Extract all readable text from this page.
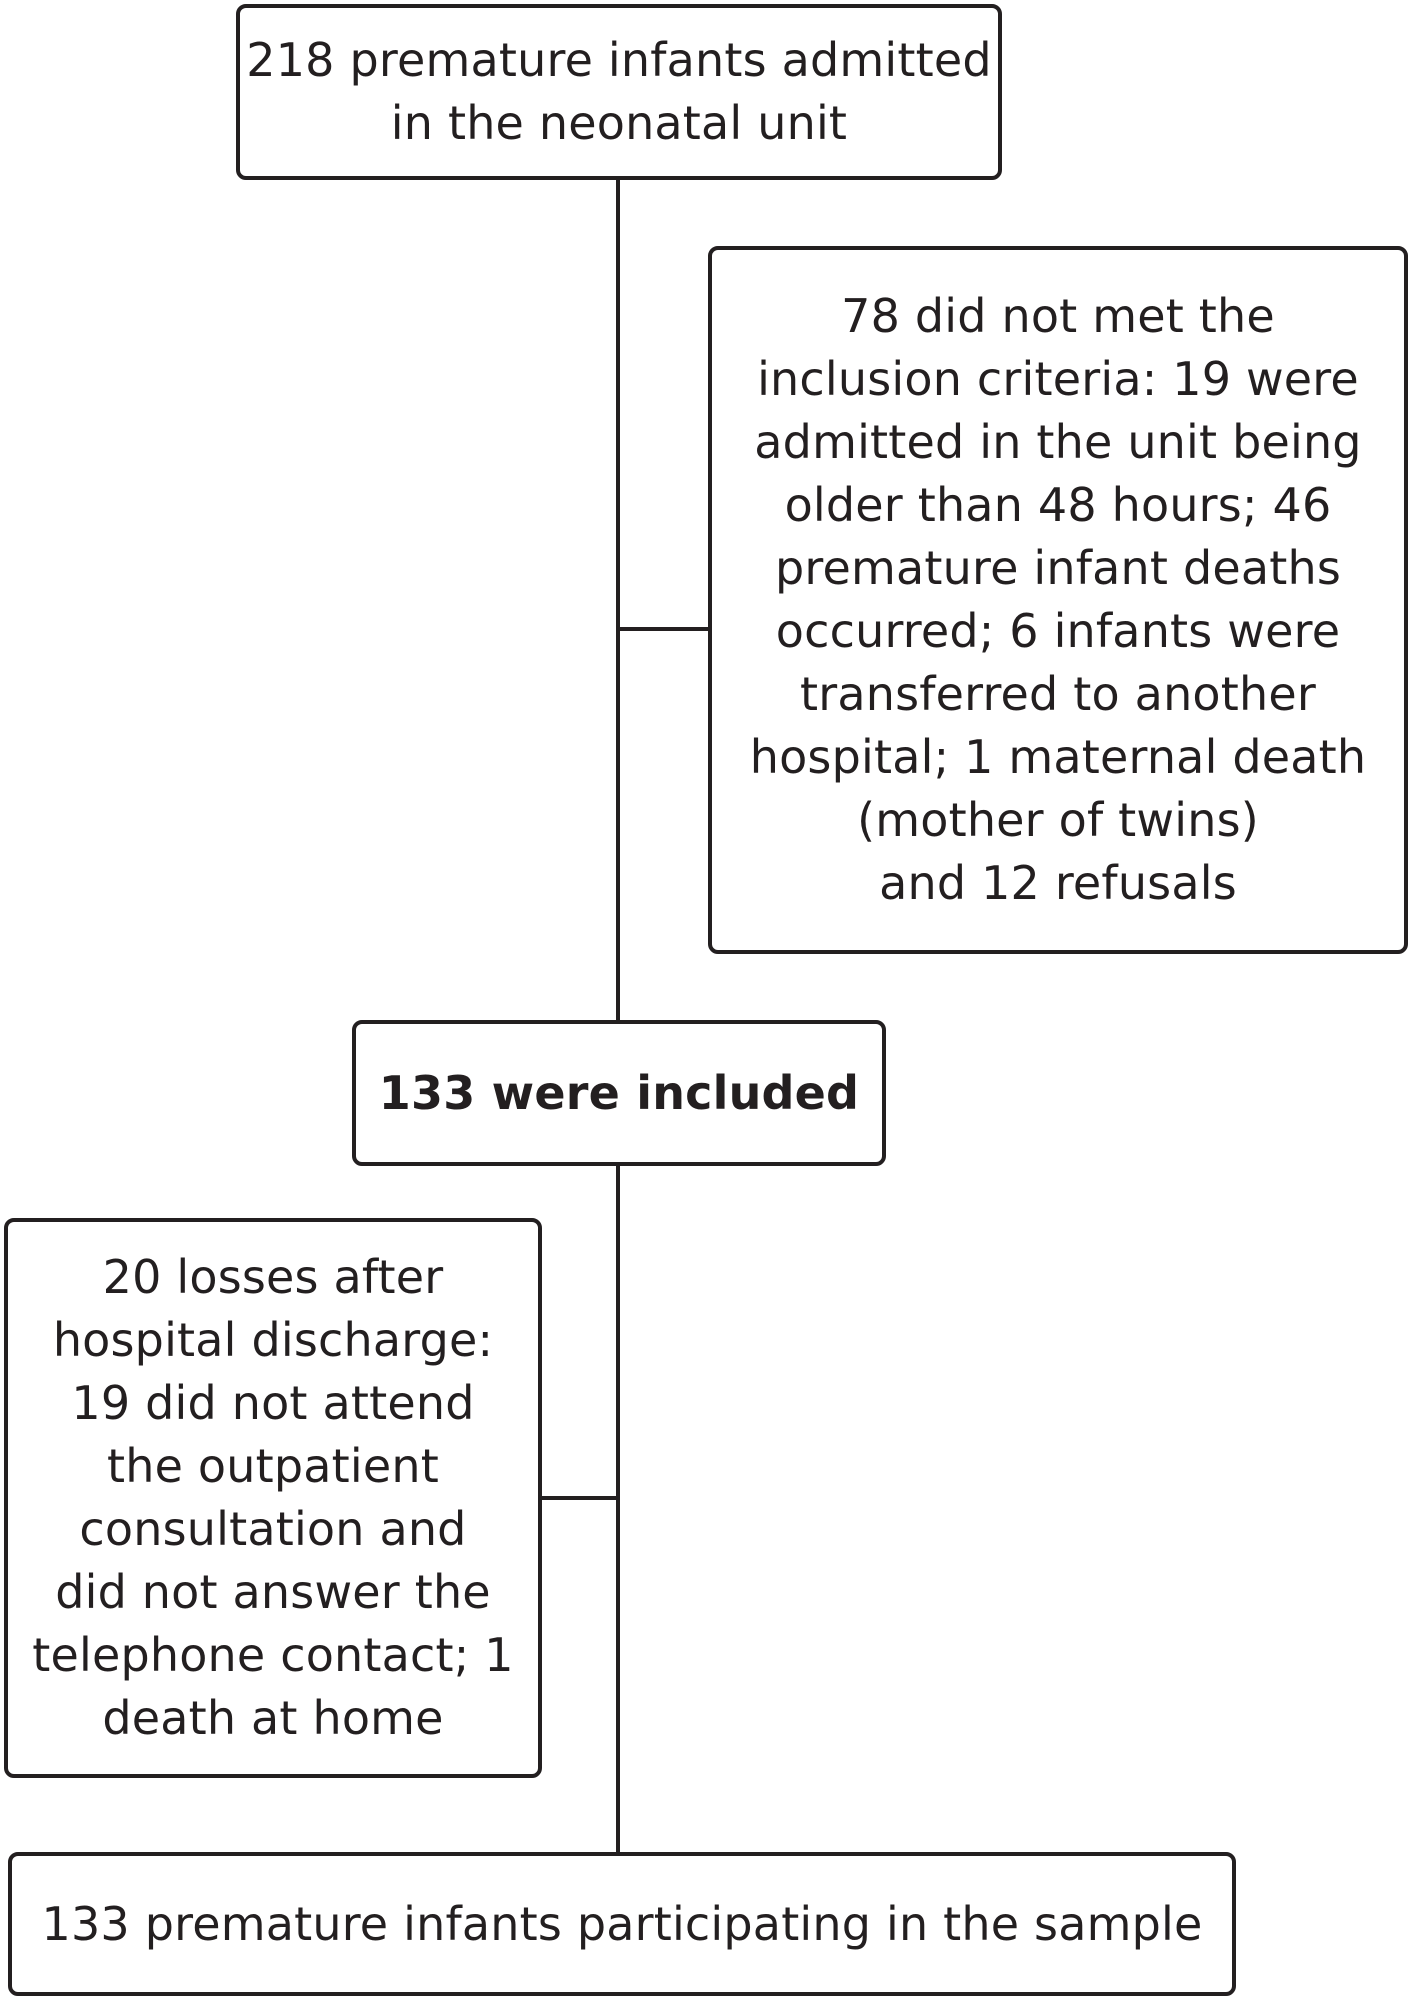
218 premature infants admitted
in the neonatal unit
78 did not met the
inclusion criteria: 19 were
admitted in the unit being
older than 48 hours; 46
premature infant deaths
occurred; 6 infants were
transferred to another
hospital; 1 maternal death
(mother of twins)
and 12 refusals
133 were included
20 losses after
hospital discharge:
19 did not attend
the outpatient
consultation and
did not answer the
telephone contact; 1
death at home
133 premature infants participating in the sample
